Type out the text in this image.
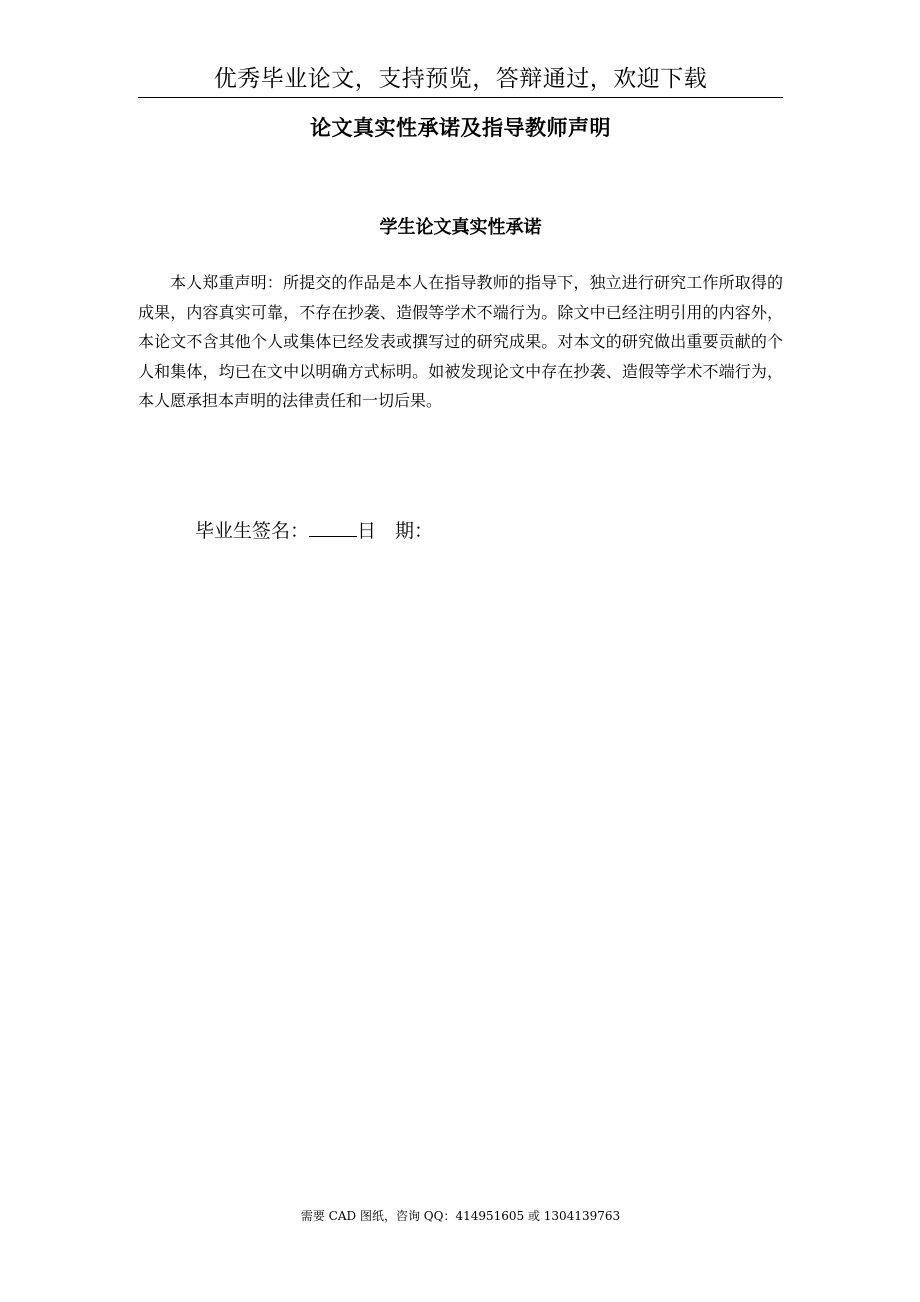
优秀毕业论文，支持预览，答辩通过，欢迎下载
论文真实性承诺及指导教师声明
学生论文真实性承诺
本人郑重声明：所提交的作品是本人在指导教师的指导下，独立进行研究工作所取得的成果，内容真实可靠，不存在抄袭、造假等学术不端行为。除文中已经注明引用的内容外，本论文不含其他个人或集体已经发表或撰写过的研究成果。对本文的研究做出重要贡献的个人和集体，均已在文中以明确方式标明。如被发现论文中存在抄袭、造假等学术不端行为，本人愿承担本声明的法律责任和一切后果。
毕业生签名：	日　期：
需要 CAD 图纸，咨询 QQ：414951605 或 1304139763
